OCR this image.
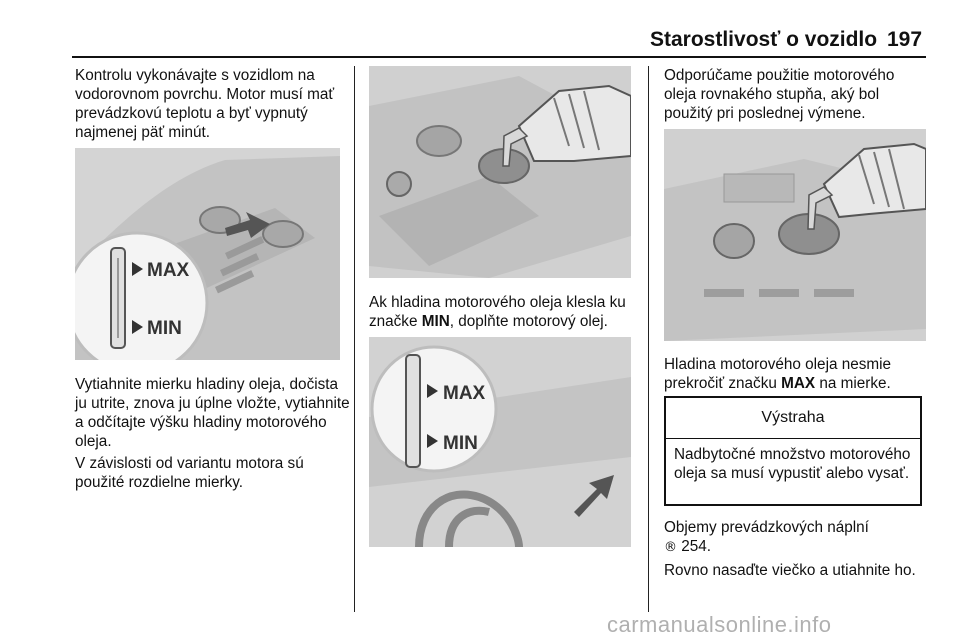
Starostlivosť o vozidlo 197

Kontrolu vykonávajte s vozidlom na vodorovnom povrchu. Motor musí mať prevádzkovú teplotu a byť vypnutý najmenej päť minút.

MAX
MIN

Vytiahnite mierku hladiny oleja, dočista ju utrite, znova ju úplne vložte, vytiahnite a odčítajte výšku hladiny motorového oleja.

V závislosti od variantu motora sú použité rozdielne mierky.

Ak hladina motorového oleja klesla ku značke MIN, doplňte motorový olej.

MAX
MIN

Odporúčame použitie motorového oleja rovnakého stupňa, aký bol použitý pri poslednej výmene.

Hladina motorového oleja nesmie prekročiť značku MAX na mierke.

Výstraha
Nadbytočné množstvo motorového oleja sa musí vypustiť alebo vysať.

Objemy prevádzkových náplní
® 254.

Rovno nasaďte viečko a utiahnite ho.

carmanualsonline.info
